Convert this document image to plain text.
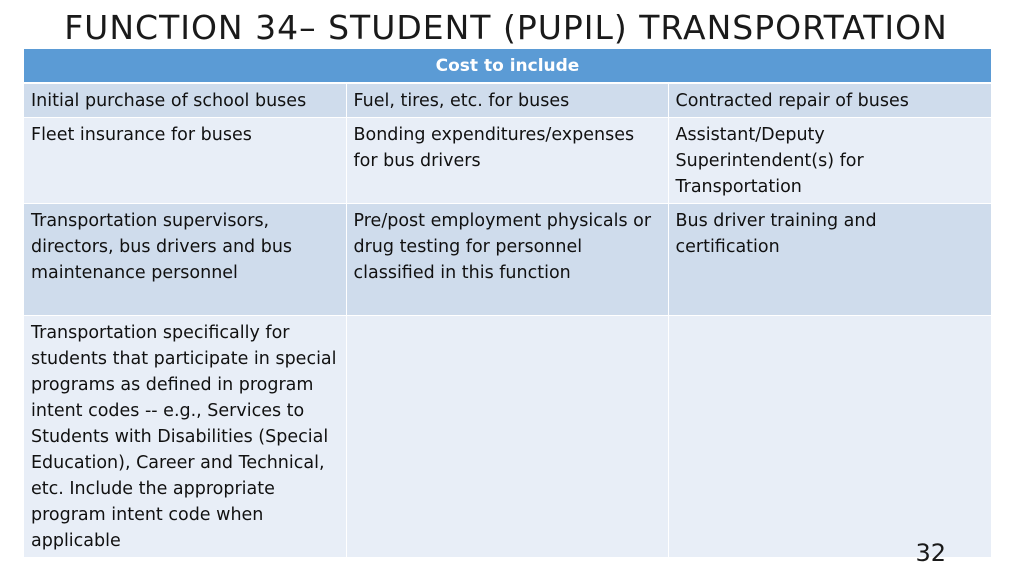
FUNCTION 34– STUDENT (PUPIL) TRANSPORTATION
Cost to include		
Initial purchase of school buses	Fuel, tires, etc. for buses	Contracted repair of buses
Fleet insurance for buses	Bonding expenditures/expenses for bus drivers	Assistant/Deputy Superintendent(s) for Transportation
Transportation supervisors, directors, bus drivers and bus maintenance personnel	Pre/post employment physicals or drug testing for personnel classified in this function	Bus driver training and certification
Transportation specifically for students that participate in special programs as defined in program intent codes -- e.g., Services to Students with Disabilities (Special Education), Career and Technical, etc. Include the appropriate program intent code when applicable			32
